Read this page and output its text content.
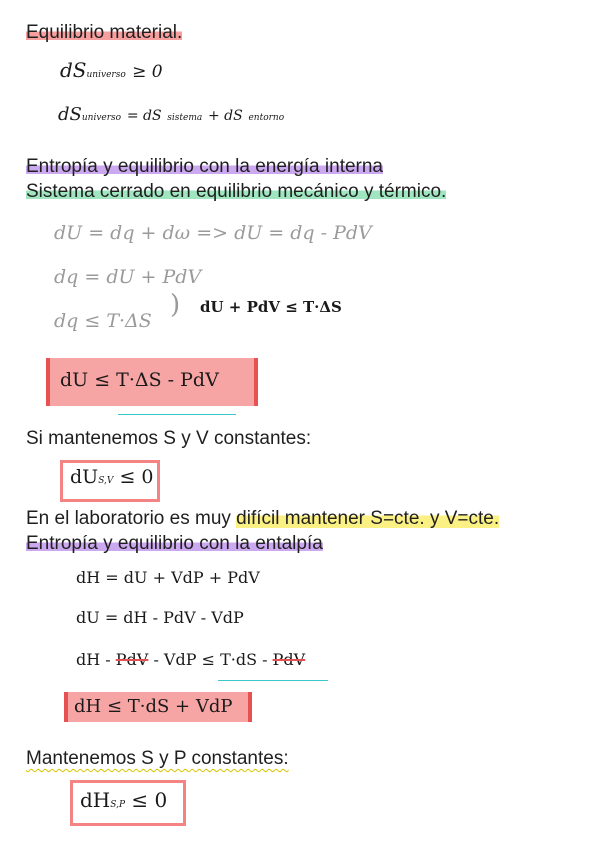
Equilibrio material.
dSuniverso ≥ 0
dSuniverso = dS sistema + dS entorno
Entropía y equilibrio con la energía interna
Sistema cerrado en equilibrio mecánico y térmico.
dU = dq + dω => dU = dq - PdV
dq = dU + PdV
dq ≤ T·ΔS
) dU + PdV ≤ T·ΔS
dU ≤ T·ΔS - PdV
Si mantenemos S y V constantes:
dUS,V ≤ 0
En el laboratorio es muy difícil mantener S=cte. y V=cte.
Entropía y equilibrio con la entalpía
dH = dU + VdP + PdV
dU = dH - PdV - VdP
dH - PdV - VdP ≤ T·dS - PdV
dH ≤ T·dS + VdP
Mantenemos S y P constantes:
dHS,P ≤ 0
